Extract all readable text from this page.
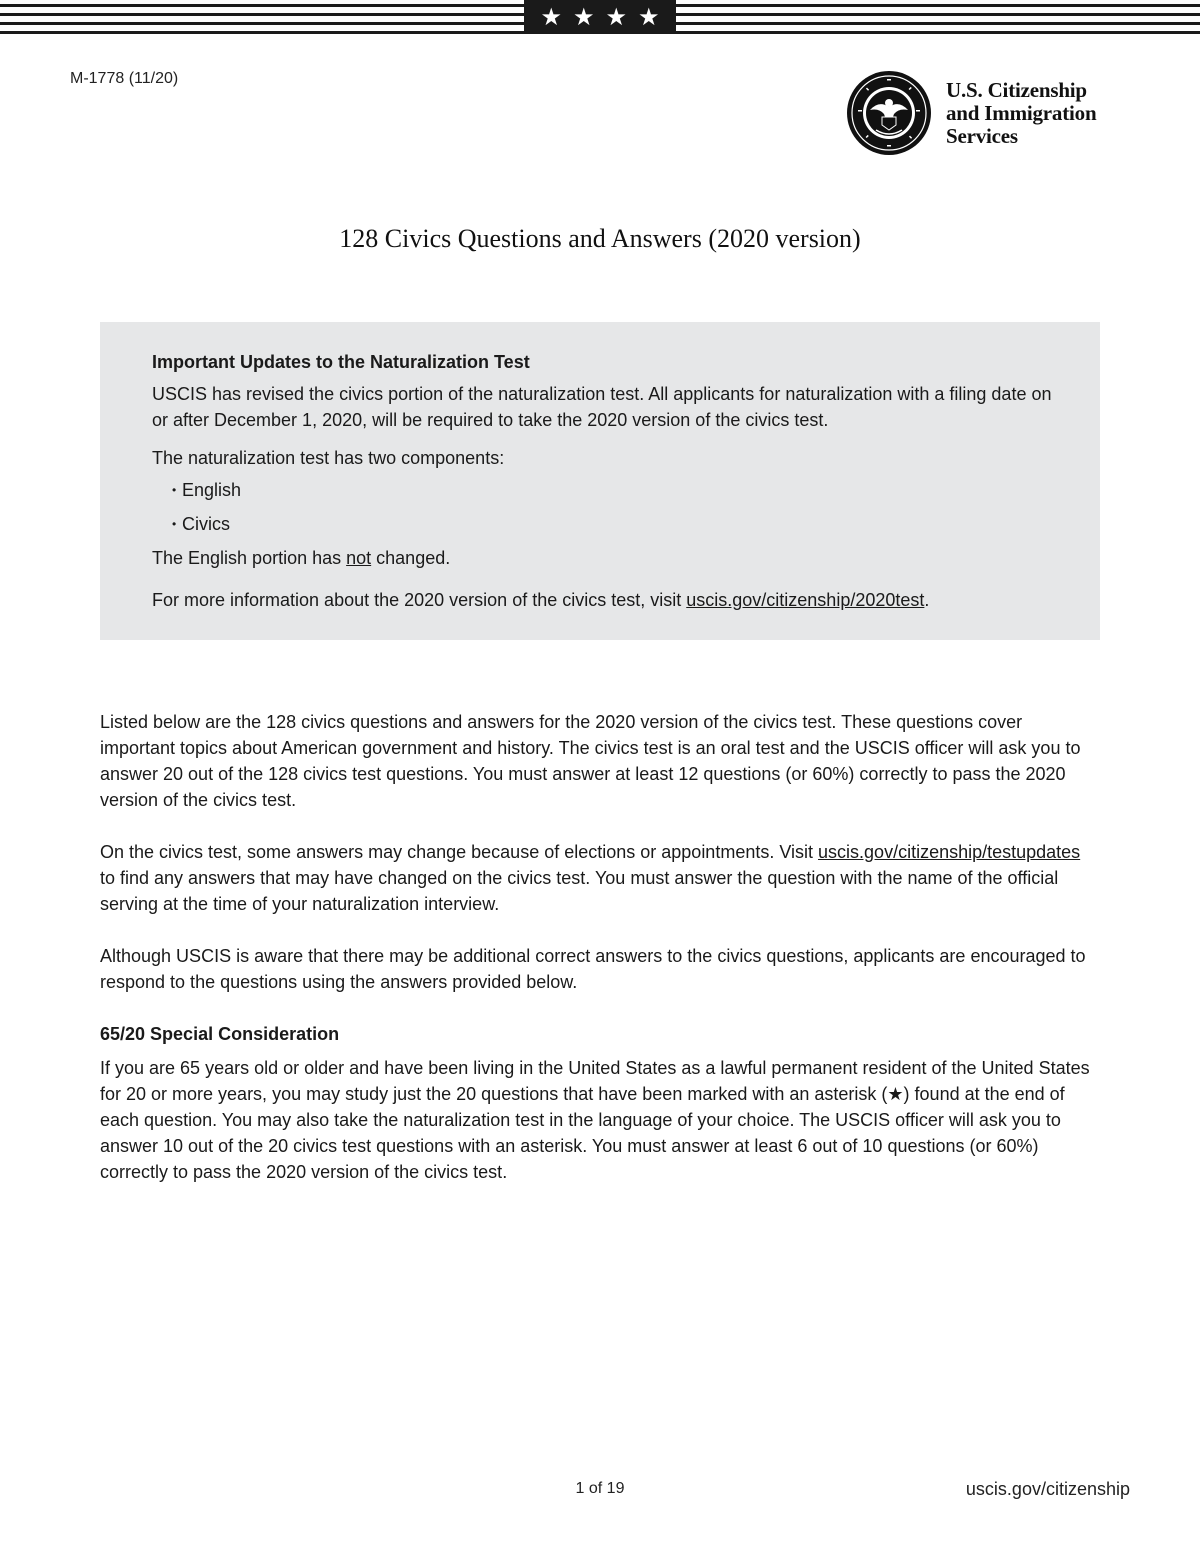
★ ★ ★ ★
M-1778 (11/20)	U.S. Citizenship
and Immigration
Services
128 Civics Questions and Answers (2020 version)
Important Updates to the Naturalization Test

USCIS has revised the civics portion of the naturalization test. All applicants for naturalization with a filing date on or after December 1, 2020, will be required to take the 2020 version of the civics test.

The naturalization test has two components:
• English
• Civics

The English portion has not changed.

For more information about the 2020 version of the civics test, visit uscis.gov/citizenship/2020test.

Listed below are the 128 civics questions and answers for the 2020 version of the civics test. These questions cover important topics about American government and history. The civics test is an oral test and the USCIS officer will ask you to answer 20 out of the 128 civics test questions. You must answer at least 12 questions (or 60%) correctly to pass the 2020 version of the civics test.

On the civics test, some answers may change because of elections or appointments. Visit uscis.gov/citizenship/testupdates to find any answers that may have changed on the civics test. You must answer the question with the name of the official serving at the time of your naturalization interview.

Although USCIS is aware that there may be additional correct answers to the civics questions, applicants are encouraged to respond to the questions using the answers provided below.

65/20 Special Consideration

If you are 65 years old or older and have been living in the United States as a lawful permanent resident of the United States for 20 or more years, you may study just the 20 questions that have been marked with an asterisk (★) found at the end of each question. You may also take the naturalization test in the language of your choice. The USCIS officer will ask you to answer 10 out of the 20 civics test questions with an asterisk. You must answer at least 6 out of 10 questions (or 60%) correctly to pass the 2020 version of the civics test.

1 of 19	uscis.gov/citizenship
